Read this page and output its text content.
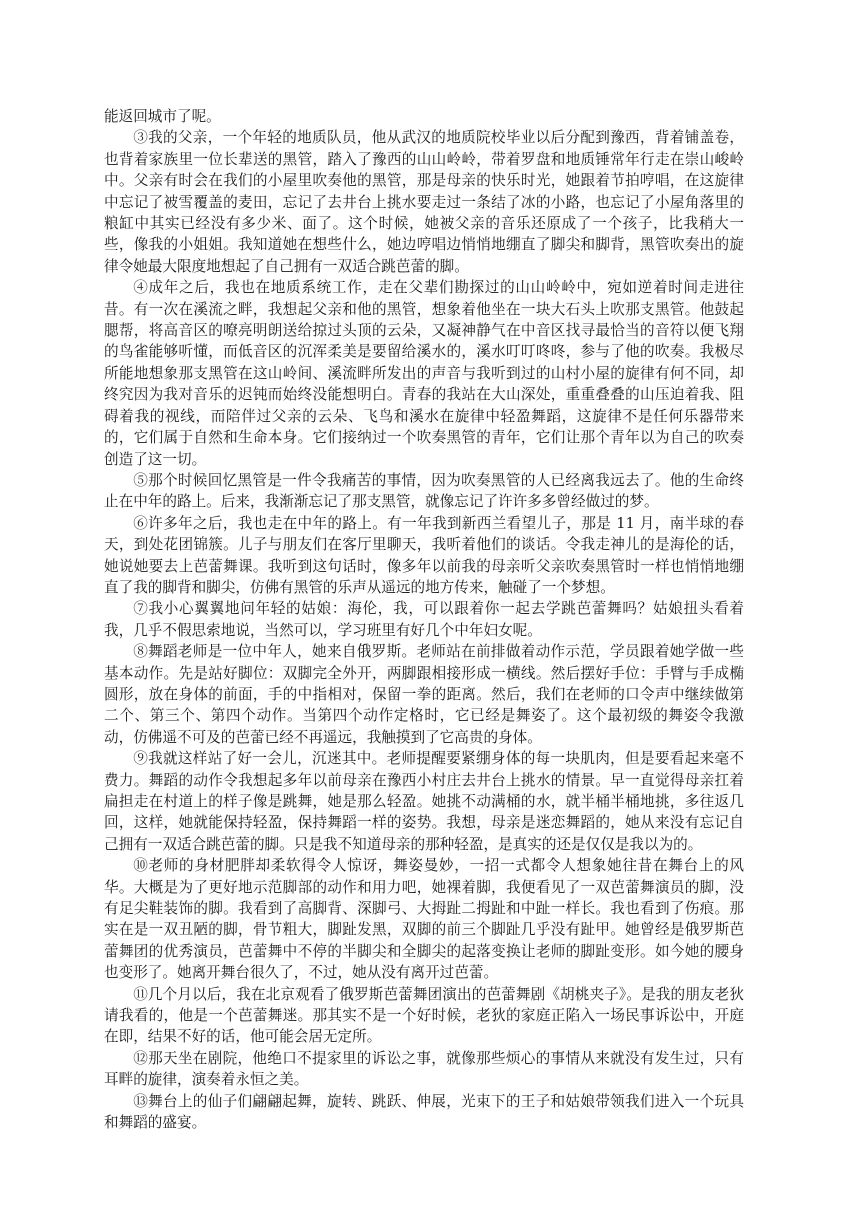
能返回城市了呢。

③我的父亲，一个年轻的地质队员，他从武汉的地质院校毕业以后分配到豫西，背着铺盖卷，也背着家族里一位长辈送的黑管，踏入了豫西的山山岭岭，带着罗盘和地质锤常年行走在崇山峻岭中。父亲有时会在我们的小屋里吹奏他的黑管，那是母亲的快乐时光，她跟着节拍哼唱，在这旋律中忘记了被雪覆盖的麦田，忘记了去井台上挑水要走过一条结了冰的小路，也忘记了小屋角落里的粮缸中其实已经没有多少米、面了。这个时候，她被父亲的音乐还原成了一个孩子，比我稍大一些，像我的小姐姐。我知道她在想些什么，她边哼唱边悄悄地绷直了脚尖和脚背，黑管吹奏出的旋律令她最大限度地想起了自己拥有一双适合跳芭蕾的脚。

④成年之后，我也在地质系统工作，走在父辈们勘探过的山山岭岭中，宛如逆着时间走进往昔。有一次在溪流之畔，我想起父亲和他的黑管，想象着他坐在一块大石头上吹那支黑管。他鼓起腮帮，将高音区的嘹亮明朗送给掠过头顶的云朵，又凝神静气在中音区找寻最恰当的音符以便飞翔的鸟雀能够听懂，而低音区的沉浑柔美是要留给溪水的，溪水叮叮咚咚，参与了他的吹奏。我极尽所能地想象那支黑管在这山岭间、溪流畔所发出的声音与我听到过的山村小屋的旋律有何不同，却终究因为我对音乐的迟钝而始终没能想明白。青春的我站在大山深处，重重叠叠的山压迫着我、阻碍着我的视线，而陪伴过父亲的云朵、飞鸟和溪水在旋律中轻盈舞蹈，这旋律不是任何乐器带来的，它们属于自然和生命本身。它们接纳过一个吹奏黑管的青年，它们让那个青年以为自己的吹奏创造了这一切。

⑤那个时候回忆黑管是一件令我痛苦的事情，因为吹奏黑管的人已经离我远去了。他的生命终止在中年的路上。后来，我渐渐忘记了那支黑管，就像忘记了许许多多曾经做过的梦。

⑥许多年之后，我也走在中年的路上。有一年我到新西兰看望儿子，那是 11 月，南半球的春天，到处花团锦簇。儿子与朋友们在客厅里聊天，我听着他们的谈话。令我走神儿的是海伦的话，她说她要去上芭蕾舞课。我听到这句话时，像多年以前我的母亲听父亲吹奏黑管时一样也悄悄地绷直了我的脚背和脚尖，仿佛有黑管的乐声从遥远的地方传来，触碰了一个梦想。

⑦我小心翼翼地问年轻的姑娘：海伦，我，可以跟着你一起去学跳芭蕾舞吗？姑娘扭头看着我，几乎不假思索地说，当然可以，学习班里有好几个中年妇女呢。

⑧舞蹈老师是一位中年人，她来自俄罗斯。老师站在前排做着动作示范，学员跟着她学做一些基本动作。先是站好脚位：双脚完全外开，两脚跟相接形成一横线。然后摆好手位：手臂与手成椭圆形，放在身体的前面，手的中指相对，保留一拳的距离。然后，我们在老师的口令声中继续做第二个、第三个、第四个动作。当第四个动作定格时，它已经是舞姿了。这个最初级的舞姿令我激动，仿佛遥不可及的芭蕾已经不再遥远，我触摸到了它高贵的身体。

⑨我就这样站了好一会儿，沉迷其中。老师提醒要紧绷身体的每一块肌肉，但是要看起来毫不费力。舞蹈的动作令我想起多年以前母亲在豫西小村庄去井台上挑水的情景。早一直觉得母亲扛着扁担走在村道上的样子像是跳舞，她是那么轻盈。她挑不动满桶的水，就半桶半桶地挑，多往返几回，这样，她就能保持轻盈，保持舞蹈一样的姿势。我想，母亲是迷恋舞蹈的，她从来没有忘记自己拥有一双适合跳芭蕾的脚。只是我不知道母亲的那种轻盈，是真实的还是仅仅是我以为的。

⑩老师的身材肥胖却柔软得令人惊讶，舞姿曼妙，一招一式都令人想象她往昔在舞台上的风华。大概是为了更好地示范脚部的动作和用力吧，她裸着脚，我便看见了一双芭蕾舞演员的脚，没有足尖鞋装饰的脚。我看到了高脚背、深脚弓、大拇趾二拇趾和中趾一样长。我也看到了伤痕。那实在是一双丑陋的脚，骨节粗大，脚趾发黑，双脚的前三个脚趾几乎没有趾甲。她曾经是俄罗斯芭蕾舞团的优秀演员，芭蕾舞中不停的半脚尖和全脚尖的起落变换让老师的脚趾变形。如今她的腰身也变形了。她离开舞台很久了，不过，她从没有离开过芭蕾。

⑪几个月以后，我在北京观看了俄罗斯芭蕾舞团演出的芭蕾舞剧《胡桃夹子》。是我的朋友老狄请我看的，他是一个芭蕾舞迷。那其实不是一个好时候，老狄的家庭正陷入一场民事诉讼中，开庭在即，结果不好的话，他可能会居无定所。

⑫那天坐在剧院，他绝口不提家里的诉讼之事，就像那些烦心的事情从来就没有发生过，只有耳畔的旋律，演奏着永恒之美。

⑬舞台上的仙子们翩翩起舞，旋转、跳跃、伸展，光束下的王子和姑娘带领我们进入一个玩具和舞蹈的盛宴。
